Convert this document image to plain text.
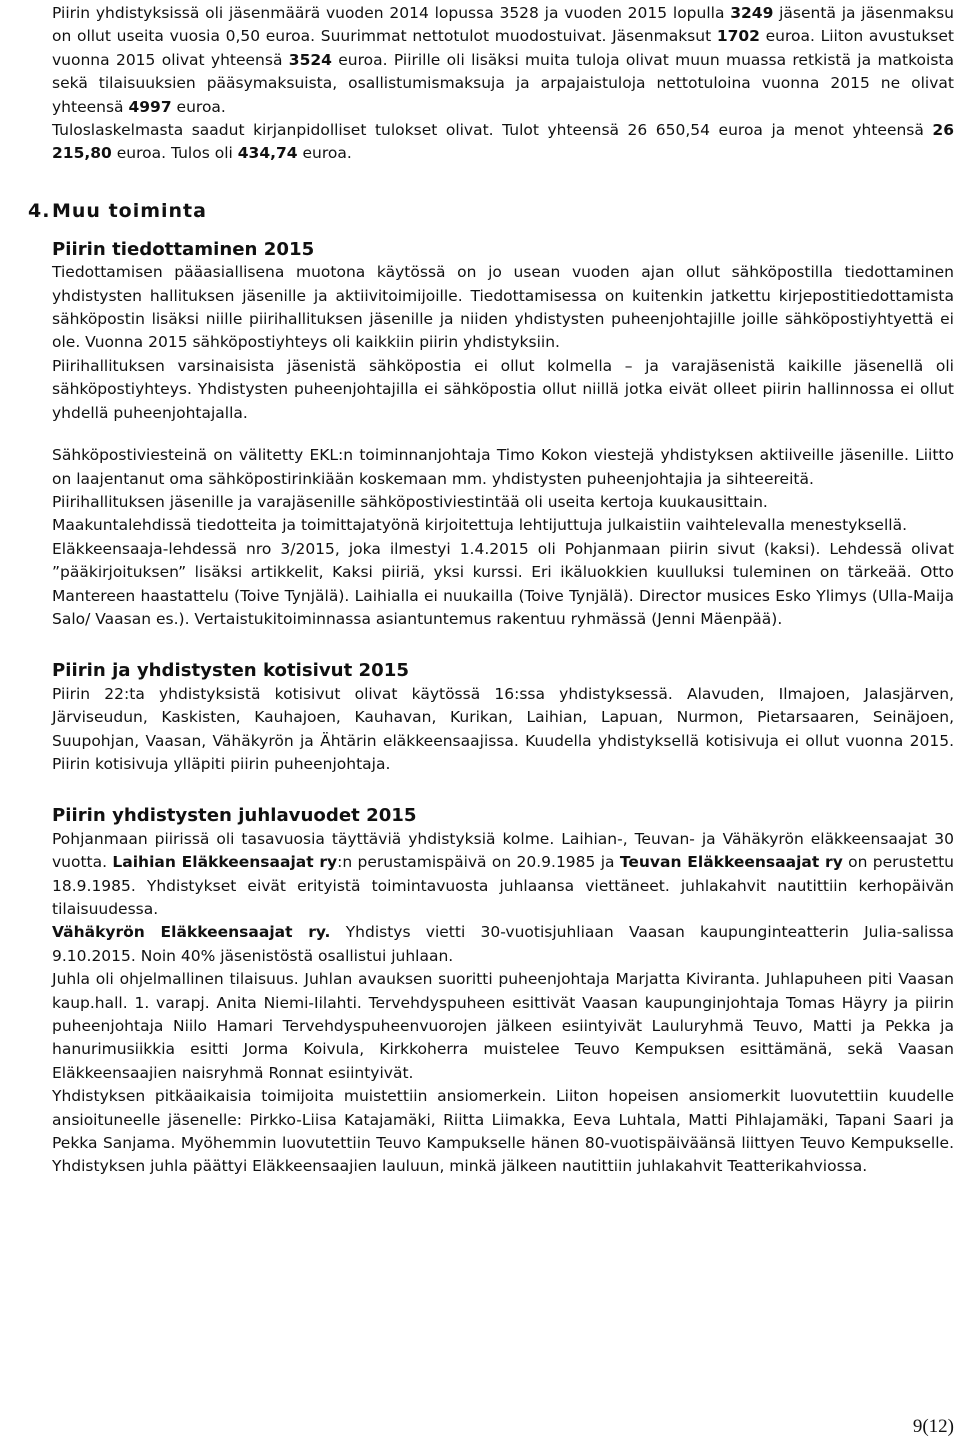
Piirin yhdistyksissä oli jäsenmäärä vuoden 2014 lopussa 3528 ja vuoden 2015 lopulla 3249 jäsentä ja jäsenmaksu on ollut useita vuosia 0,50 euroa. Suurimmat nettotulot muodostuivat. Jäsenmaksut 1702 euroa. Liiton avustukset vuonna 2015 olivat yhteensä 3524 euroa. Piirille oli lisäksi muita tuloja olivat muun muassa retkistä ja matkoista sekä tilaisuuksien pääsymaksuista, osallistumismaksuja ja arpajaistuloja nettotuloina vuonna 2015 ne olivat yhteensä 4997 euroa.

Tuloslaskelmasta saadut kirjanpidolliset tulokset olivat. Tulot yhteensä 26 650,54 euroa ja menot yhteensä 26 215,80 euroa. Tulos oli 434,74 euroa.

4.Muu toiminta
Piirin tiedottaminen 2015

Tiedottamisen pääasiallisena muotona käytössä on jo usean vuoden ajan ollut sähköpostilla tiedottaminen yhdistysten hallituksen jäsenille ja aktiivitoimijoille. Tiedottamisessa on kuitenkin jatkettu kirjepostitiedottamista sähköpostin lisäksi niille piirihallituksen jäsenille ja niiden yhdistysten puheenjohtajille joille sähköpostiyhtyettä ei ole. Vuonna 2015 sähköpostiyhteys oli kaikkiin piirin yhdistyksiin.

Piirihallituksen varsinaisista jäsenistä sähköpostia ei ollut kolmella – ja varajäsenistä kaikille jäsenellä oli sähköpostiyhteys. Yhdistysten puheenjohtajilla ei sähköpostia ollut niillä jotka eivät olleet piirin hallinnossa ei ollut yhdellä puheenjohtajalla.

Sähköpostiviesteinä on välitetty EKL:n toiminnanjohtaja Timo Kokon viestejä yhdistyksen aktiiveille jäsenille. Liitto on laajentanut oma sähköpostirinkiään koskemaan mm. yhdistysten puheenjohtajia ja sihteereitä.

Piirihallituksen jäsenille ja varajäsenille sähköpostiviestintää oli useita kertoja kuukausittain.

Maakuntalehdissä tiedotteita ja toimittajatyönä kirjoitettuja lehtijuttuja julkaistiin vaihtelevalla menestyksellä.

Eläkkeensaaja-lehdessä nro 3/2015, joka ilmestyi 1.4.2015 oli Pohjanmaan piirin sivut (kaksi). Lehdessä olivat ”pääkirjoituksen” lisäksi artikkelit, Kaksi piiriä, yksi kurssi. Eri ikäluokkien kuulluksi tuleminen on tärkeää. Otto Mantereen haastattelu (Toive Tynjälä). Laihialla ei nuukailla (Toive Tynjälä). Director musices Esko Ylimys (Ulla-Maija Salo/ Vaasan es.). Vertaistukitoiminnassa asiantuntemus rakentuu ryhmässä (Jenni Mäenpää).

Piirin ja yhdistysten kotisivut 2015

Piirin 22:ta yhdistyksistä kotisivut olivat käytössä 16:ssa yhdistyksessä. Alavuden, Ilmajoen, Jalasjärven, Järviseudun, Kaskisten, Kauhajoen, Kauhavan, Kurikan, Laihian, Lapuan, Nurmon, Pietarsaaren, Seinäjoen, Suupohjan, Vaasan, Vähäkyrön ja Ähtärin eläkkeensaajissa. Kuudella yhdistyksellä kotisivuja ei ollut vuonna 2015. Piirin kotisivuja ylläpiti piirin puheenjohtaja.

Piirin yhdistysten juhlavuodet 2015

Pohjanmaan piirissä oli tasavuosia täyttäviä yhdistyksiä kolme. Laihian-, Teuvan- ja Vähäkyrön eläkkeensaajat 30 vuotta. Laihian Eläkkeensaajat ry:n perustamispäivä on 20.9.1985 ja Teuvan Eläkkeensaajat ry on perustettu 18.9.1985. Yhdistykset eivät erityistä toimintavuosta juhlaansa viettäneet. juhlakahvit nautittiin kerhopäivän tilaisuudessa.

Vähäkyrön Eläkkeensaajat ry. Yhdistys vietti 30-vuotisjuhliaan Vaasan kaupunginteatterin Julia-salissa 9.10.2015. Noin 40% jäsenistöstä osallistui juhlaan.

Juhla oli ohjelmallinen tilaisuus. Juhlan avauksen suoritti puheenjohtaja Marjatta Kiviranta. Juhlapuheen piti Vaasan kaup.hall. 1. varapj. Anita Niemi-Iilahti. Tervehdyspuheen esittivät Vaasan kaupunginjohtaja Tomas Häyry ja piirin puheenjohtaja Niilo Hamari Tervehdyspuheenvuorojen jälkeen esiintyivät Lauluryhmä Teuvo, Matti ja Pekka ja hanurimusiikkia esitti Jorma Koivula, Kirkkoherra muistelee Teuvo Kempuksen esittämänä, sekä Vaasan Eläkkeensaajien naisryhmä Ronnat esiintyivät.

Yhdistyksen pitkäaikaisia toimijoita muistettiin ansiomerkein. Liiton hopeisen ansiomerkit luovutettiin kuudelle ansioituneelle jäsenelle: Pirkko-Liisa Katajamäki, Riitta Liimakka, Eeva Luhtala, Matti Pihlajamäki, Tapani Saari ja Pekka Sanjama. Myöhemmin luovutettiin Teuvo Kampukselle hänen 80-vuotispäiväänsä liittyen Teuvo Kempukselle. Yhdistyksen juhla päättyi Eläkkeensaajien lauluun, minkä jälkeen nautittiin juhlakahvit Teatterikahviossa.

9(12)
